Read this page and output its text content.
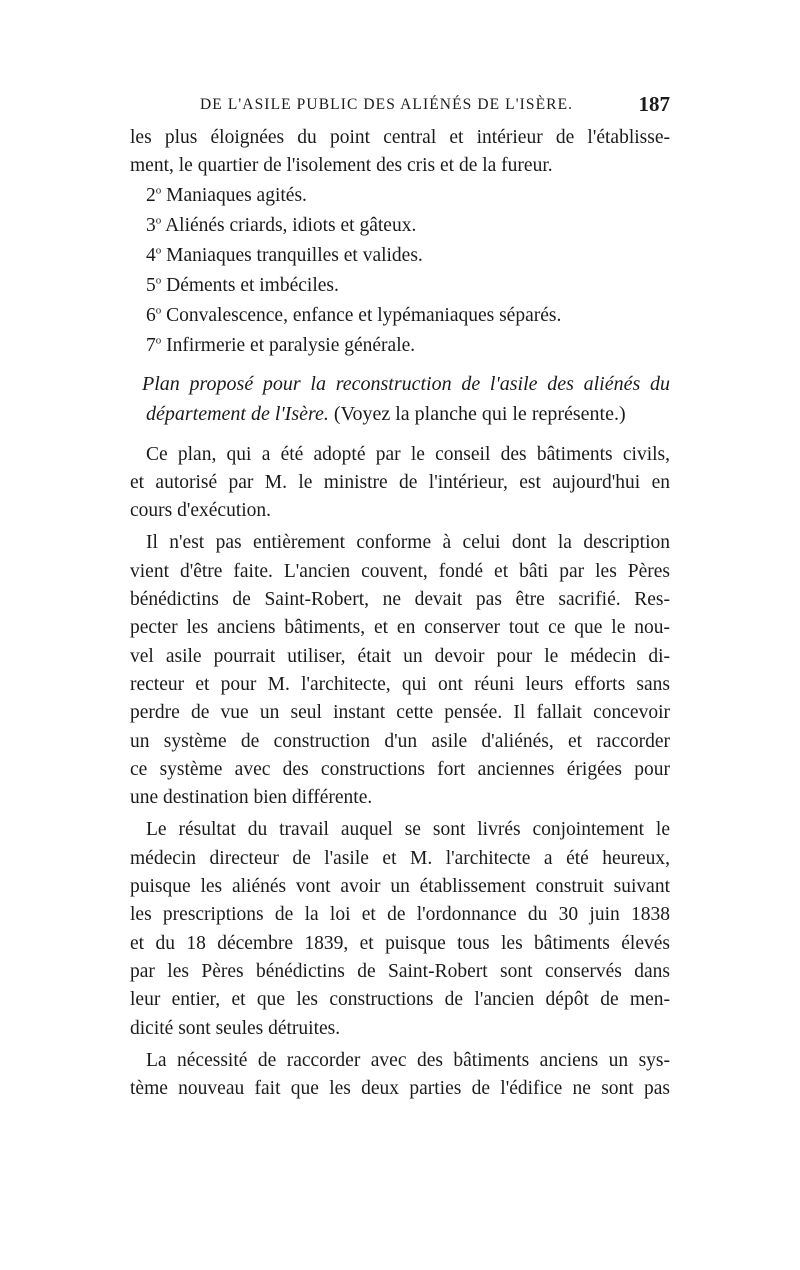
DE L'ASILE PUBLIC DES ALIÉNÉS DE L'ISÈRE.	187
les plus éloignées du point central et intérieur de l'établisse-
ment, le quartier de l'isolement des cris et de la fureur.
2$^o$ Maniaques agités.
3$^o$ Aliénés criards, idiots et gâteux.
4$^o$ Maniaques tranquilles et valides.
5$^o$ Déments et imbéciles.
6$^o$ Convalescence, enfance et lypémaniaques séparés.
7$^o$ Infirmerie et paralysie générale.
Plan proposé pour la reconstruction de l'asile des aliénés du
département de l'Isère. (Voyez la planche qui le représente.)
Ce plan, qui a été adopté par le conseil des bâtiments civils,
et autorisé par M. le ministre de l'intérieur, est aujourd'hui en
cours d'exécution.
Il n'est pas entièrement conforme à celui dont la description
vient d'être faite. L'ancien couvent, fondé et bâti par les Pères
bénédictins de Saint-Robert, ne devait pas être sacrifié. Res-
pecter les anciens bâtiments, et en conserver tout ce que le nou-
vel asile pourrait utiliser, était un devoir pour le médecin di-
recteur et pour M. l'architecte, qui ont réuni leurs efforts sans
perdre de vue un seul instant cette pensée. Il fallait concevoir
un système de construction d'un asile d'aliénés, et raccorder
ce système avec des constructions fort anciennes érigées pour
une destination bien différente.
Le résultat du travail auquel se sont livrés conjointement le
médecin directeur de l'asile et M. l'architecte a été heureux,
puisque les aliénés vont avoir un établissement construit suivant
les prescriptions de la loi et de l'ordonnance du 30 juin 1838
et du 18 décembre 1839, et puisque tous les bâtiments élevés
par les Pères bénédictins de Saint-Robert sont conservés dans
leur entier, et que les constructions de l'ancien dépôt de men-
dicité sont seules détruites.
La nécessité de raccorder avec des bâtiments anciens un sys-
tème nouveau fait que les deux parties de l'édifice ne sont pas
